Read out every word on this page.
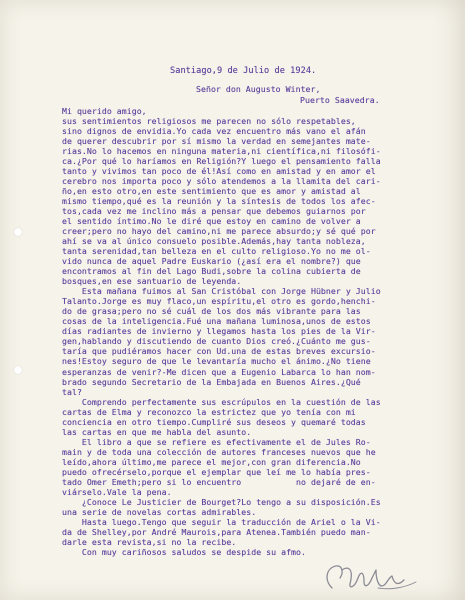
Santiago,9 de Julio de 1924.
Señor don Augusto Winter,
Puerto Saavedra.
Mi querido amigo,
sus sentimientos religiosos me parecen no sólo respetables,
sino dignos de envidia.Yo cada vez encuentro más vano el afán
de querer descubrir por sí mismo la verdad en semejantes mate-
rias.No lo hacemos en ninguna materia,ni científica,ni filosófi-
ca.¿Por qué lo haríamos en Religión?Y luego el pensamiento falla
tanto y vivimos tan poco de él!Así como en amistad y en amor el
cerebro nos importa poco y sólo atendemos a la llamita del cari-
ño,en esto otro,en este sentimiento que es amor y amistad al
mismo tiempo,qué es la reunión y la síntesis de todos los afec-
tos,cada vez me inclino más a pensar que debemos guiarnos por
el sentido íntimo.No le diré que estoy en camino de volver a
creer;pero no hayo del camino,ni me parece absurdo;y sé qué por
ahí se va al único consuelo posible.Además,hay tanta nobleza,
tanta serenidad,tan belleza en el culto religioso.Yo no me ol-
vido nunca de aquel Padre Euskario (¿así era el nombre?) que
encontramos al fin del Lago Budi,sobre la colina cubierta de
bosques,en ese santuario de leyenda.
Esta mañana fuimos al San Cristóbal con Jorge Hübner y Julio
Talanto.Jorge es muy flaco,un espíritu,el otro es gordo,henchi-
do de grasa;pero no sé cuál de los dos más vibrante para las
cosas de la inteligencia.Fué una mañana luminosa,unos de estos
días radiantes de invierno y llegamos hasta los pies de la Vir-
gen,hablando y discutiendo de cuanto Dios creó.¿Cuánto me gus-
taría que pudiéramos hacer con Ud.una de estas breves excursio-
nes!Estoy seguro de que le levantaría mucho el ánimo.¿No tiene
esperanzas de venir?-Me dicen que a Eugenio Labarca lo han nom-
brado segundo Secretario de la Embajada en Buenos Aires.¿Qué
tal?
Comprendo perfectamente sus escrúpulos en la cuestión de las
cartas de Elma y reconozco la estrictez que yo tenía con mi
conciencia en otro tiempo.Cumpliré sus deseos y quemaré todas
las cartas en que me habla del asunto.
El libro a que se refiere es efectivamente el de Jules Ro-
main y de toda una colección de autores franceses nuevos que he
leído,ahora último,me parece el mejor,con gran diferencia.No
puedo ofrecérselo,porque el ejemplar que leí me lo había pres-
tado Omer Emeth;pero si lo encuentro           no dejaré de en-
viárselo.Vale la pena.
¿Conoce Le Justicier de Bourget?Lo tengo a su disposición.Es
una serie de novelas cortas admirables.
Hasta luego.Tengo que seguir la traducción de Ariel o la Vi-
da de Shelley,por André Maurois,para Atenea.También puedo man-
darle esta revista,si no la recibe.
Con muy cariñosos saludos se despide su afmo.
